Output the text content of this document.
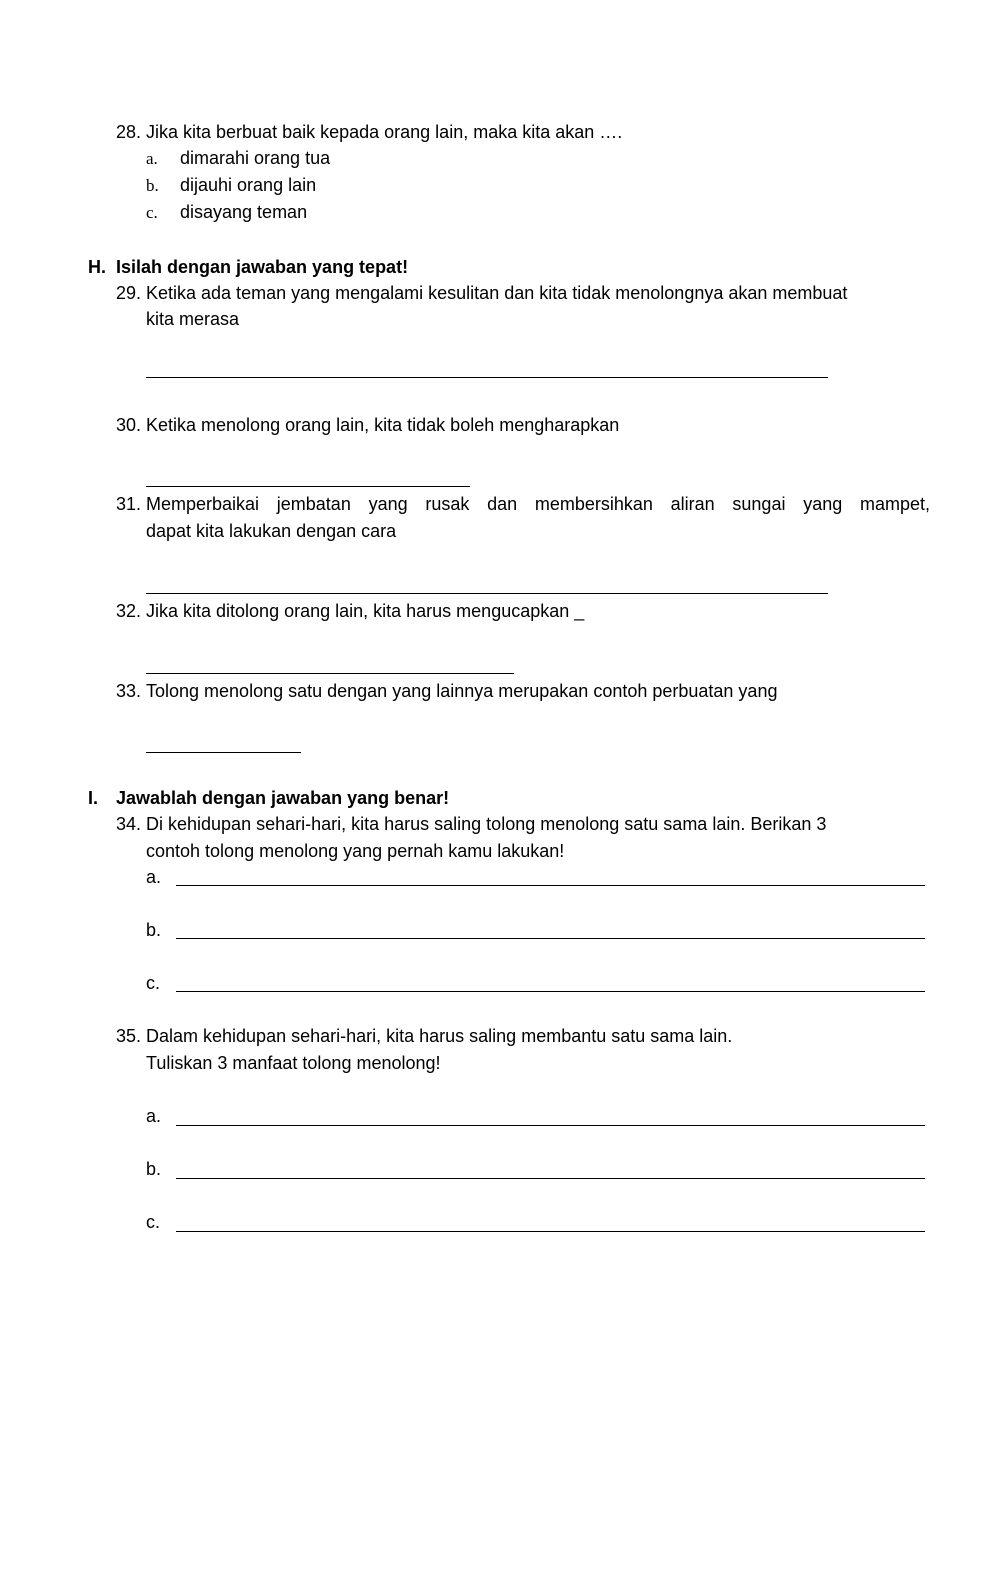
28. Jika kita berbuat baik kepada orang lain, maka kita akan ….
a. dimarahi orang tua
b. dijauhi orang lain
c. disayang teman
H. Isilah dengan jawaban yang tepat!
29. Ketika ada teman yang mengalami kesulitan dan kita tidak menolongnya akan membuat
kita merasa
30. Ketika menolong orang lain, kita tidak boleh mengharapkan
31. Memperbaikai jembatan yang rusak dan membersihkan aliran sungai yang mampet,
dapat kita lakukan dengan cara
32. Jika kita ditolong orang lain, kita harus mengucapkan _
33. Tolong menolong satu dengan yang lainnya merupakan contoh perbuatan yang
I. Jawablah dengan jawaban yang benar!
34. Di kehidupan sehari-hari, kita harus saling tolong menolong satu sama lain. Berikan 3
contoh tolong menolong yang pernah kamu lakukan!
a.
b.
c.
35. Dalam kehidupan sehari-hari, kita harus saling membantu satu sama lain.
Tuliskan 3 manfaat tolong menolong!
a.
b.
c.
